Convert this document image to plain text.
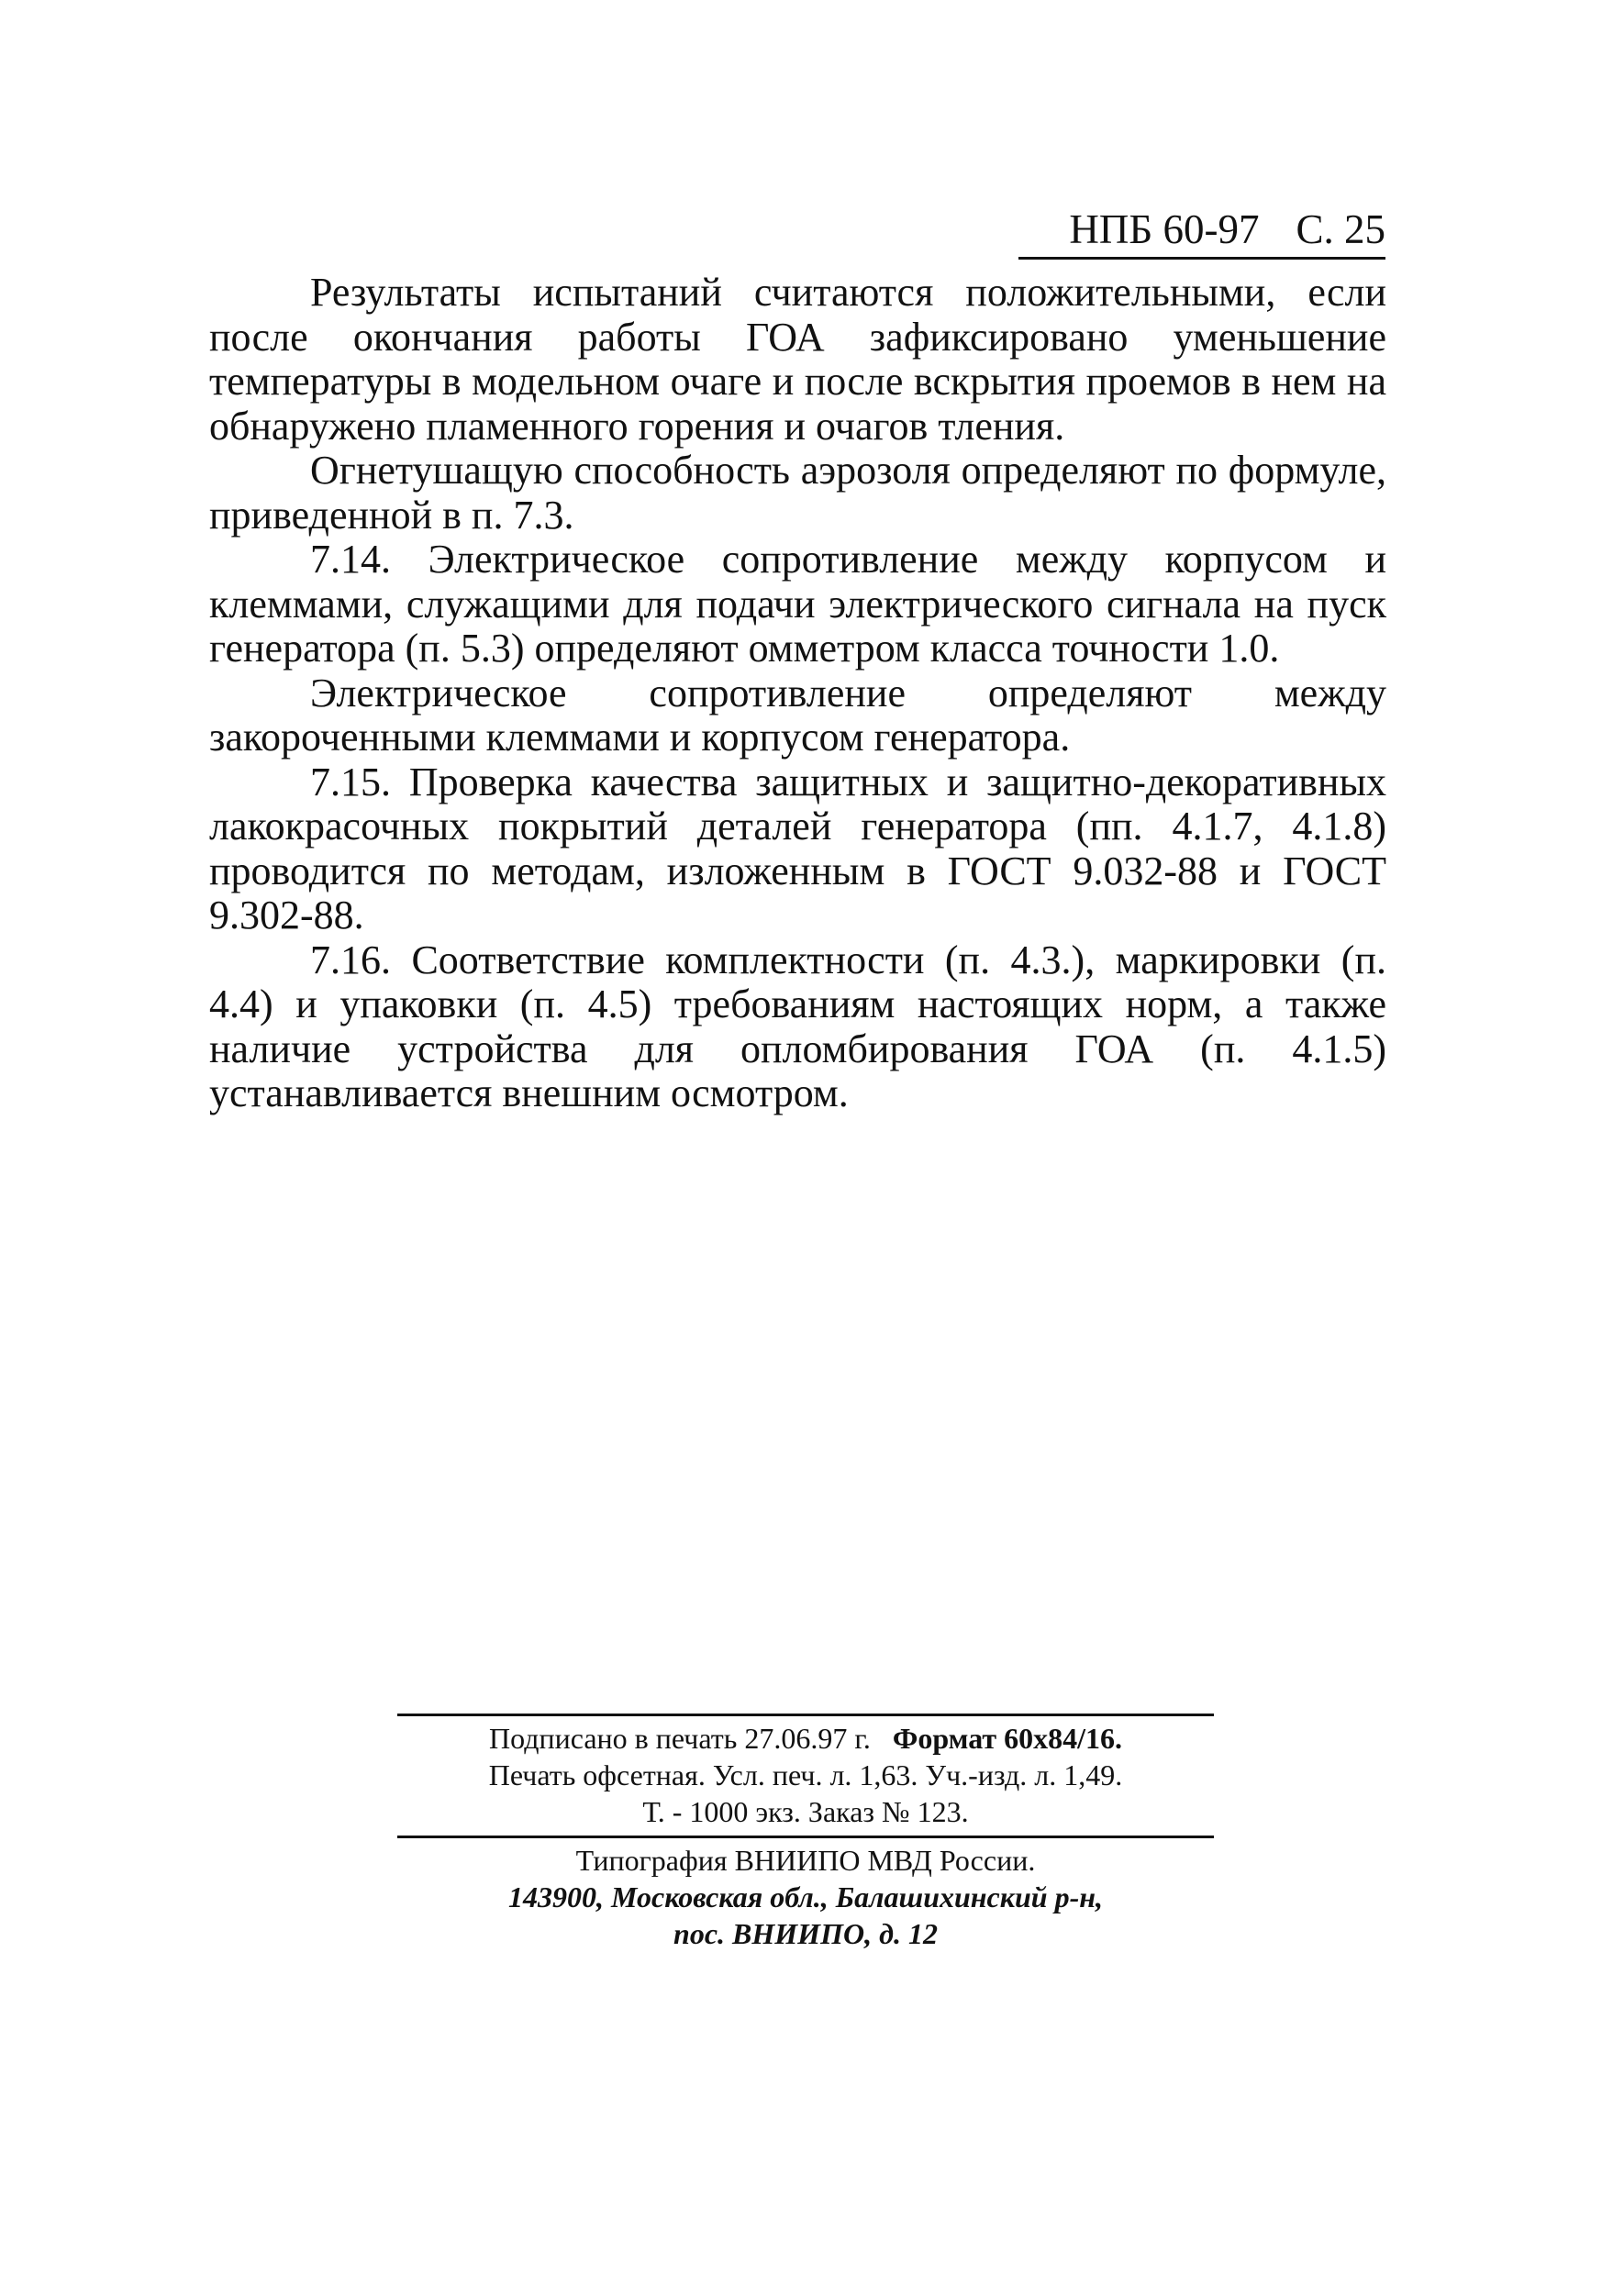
НПБ 60-97 С. 25

Результаты испытаний считаются положительными, если после окончания работы ГОА зафиксировано уменьшение температуры в модельном очаге и после вскрытия проемов в нем на обнаружено пламенного горения и очагов тления.

Огнетушащую способность аэрозоля определяют по формуле, приведенной в п. 7.3.

7.14. Электрическое сопротивление между корпусом и клеммами, служащими для подачи электрического сигнала на пуск генератора (п. 5.3) определяют омметром класса точности 1.0.

Электрическое сопротивление определяют между закороченными клеммами и корпусом генератора.

7.15. Проверка качества защитных и защитно-декоративных лакокрасочных покрытий деталей генератора (пп. 4.1.7, 4.1.8) проводится по методам, изложенным в ГОСТ 9.032-88 и ГОСТ 9.302-88.

7.16. Соответствие комплектности (п. 4.3.), маркировки (п. 4.4) и упаковки (п. 4.5) требованиям настоящих норм, а также наличие устройства для опломбирования ГОА (п. 4.1.5) устанавливается внешним осмотром.

Подписано в печать 27.06.97 г. Формат 60х84/16.
Печать офсетная. Усл. печ. л. 1,63. Уч.-изд. л. 1,49.
Т. - 1000 экз. Заказ № 123.
Типография ВНИИПО МВД России.
143900, Московская обл., Балашихинский р-н,
пос. ВНИИПО, д. 12
